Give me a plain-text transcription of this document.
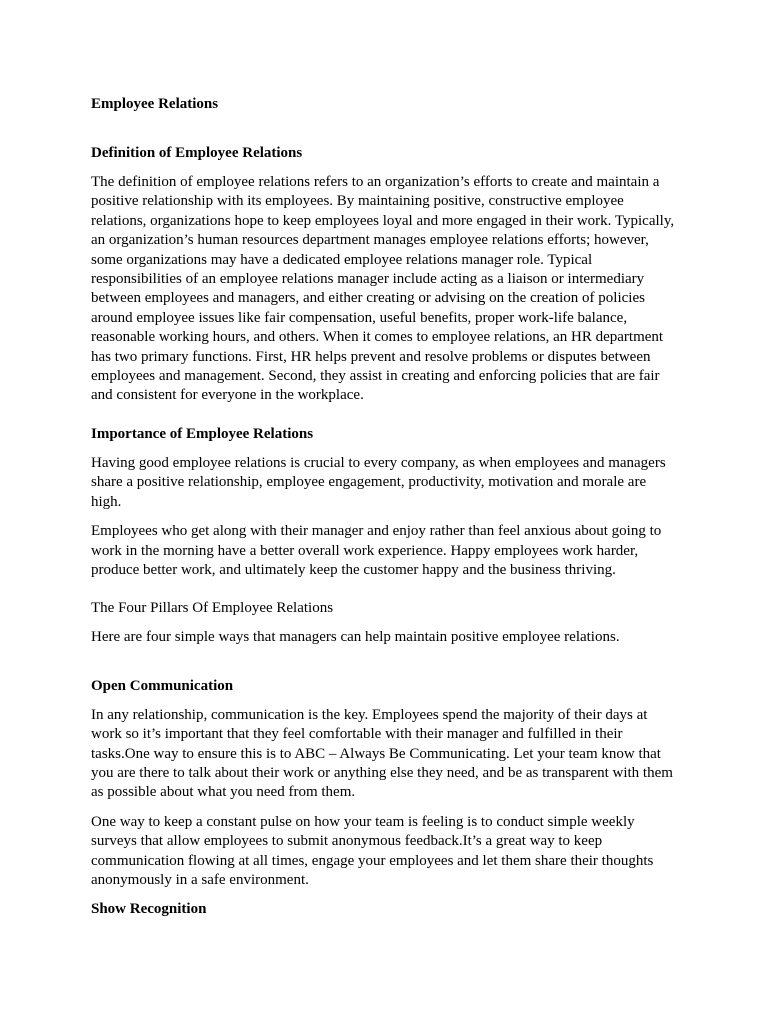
Employee Relations
Definition of Employee Relations

The definition of employee relations refers to an organization’s efforts to create and maintain a positive relationship with its employees. By maintaining positive, constructive employee relations, organizations hope to keep employees loyal and more engaged in their work. Typically, an organization’s human resources department manages employee relations efforts; however, some organizations may have a dedicated employee relations manager role. Typical responsibilities of an employee relations manager include acting as a liaison or intermediary between employees and managers, and either creating or advising on the creation of policies around employee issues like fair compensation, useful benefits, proper work-life balance, reasonable working hours, and others. When it comes to employee relations, an HR department has two primary functions. First, HR helps prevent and resolve problems or disputes between employees and management. Second, they assist in creating and enforcing policies that are fair and consistent for everyone in the workplace.

Importance of Employee Relations

Having good employee relations is crucial to every company, as when employees and managers share a positive relationship, employee engagement, productivity, motivation and morale are high.

Employees who get along with their manager and enjoy rather than feel anxious about going to work in the morning have a better overall work experience. Happy employees work harder, produce better work, and ultimately keep the customer happy and the business thriving.

The Four Pillars Of Employee Relations

Here are four simple ways that managers can help maintain positive employee relations.

Open Communication

In any relationship, communication is the key. Employees spend the majority of their days at work so it’s important that they feel comfortable with their manager and fulfilled in their tasks.One way to ensure this is to ABC – Always Be Communicating. Let your team know that you are there to talk about their work or anything else they need, and be as transparent with them as possible about what you need from them.

One way to keep a constant pulse on how your team is feeling is to conduct simple weekly surveys that allow employees to submit anonymous feedback.It’s a great way to keep communication flowing at all times, engage your employees and let them share their thoughts anonymously in a safe environment.

Show Recognition
